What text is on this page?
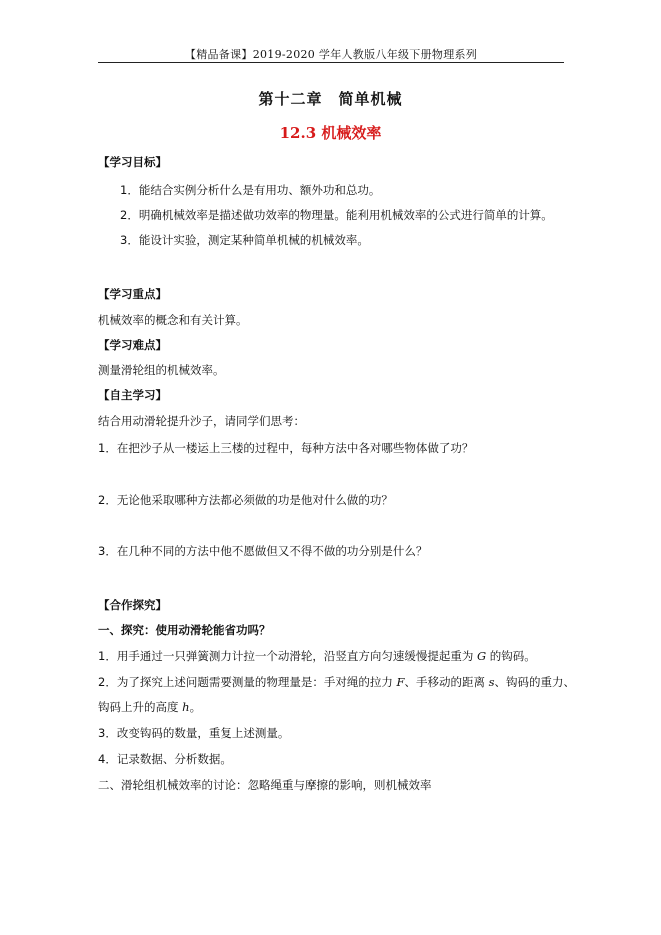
【精品备课】2019-2020 学年人教版八年级下册物理系列
第十二章　简单机械
12.3 机械效率
【学习目标】
1．能结合实例分析什么是有用功、额外功和总功。
2．明确机械效率是描述做功效率的物理量。能利用机械效率的公式进行简单的计算。
3．能设计实验，测定某种简单机械的机械效率。
【学习重点】
机械效率的概念和有关计算。
【学习难点】
测量滑轮组的机械效率。
【自主学习】
结合用动滑轮提升沙子，请同学们思考：
1．在把沙子从一楼运上三楼的过程中，每种方法中各对哪些物体做了功？
2．无论他采取哪种方法都必须做的功是他对什么做的功？
3．在几种不同的方法中他不愿做但又不得不做的功分别是什么？
【合作探究】
一、探究：使用动滑轮能省功吗？
1．用手通过一只弹簧测力计拉一个动滑轮，沿竖直方向匀速缓慢提起重为 G 的钩码。
2．为了探究上述问题需要测量的物理量是：手对绳的拉力 F、手移动的距离 s、钩码的重力、
钩码上升的高度 h。
3．改变钩码的数量，重复上述测量。
4．记录数据、分析数据。
二、滑轮组机械效率的讨论：忽略绳重与摩擦的影响，则机械效率
